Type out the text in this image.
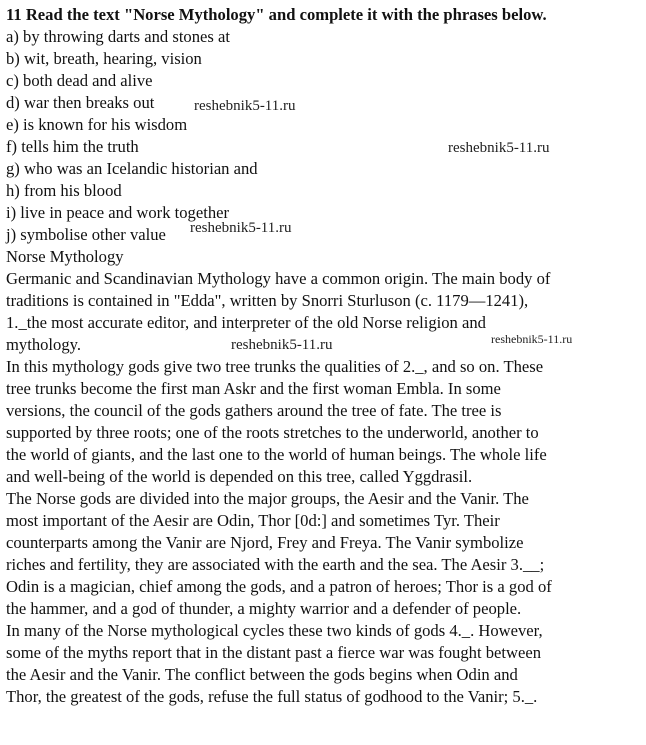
11 Read the text "Norse Mythology" and complete it with the phrases below.
a) by throwing darts and stones at
b) wit, breath, hearing, vision
c) both dead and alive
d) war then breaks out
e) is known for his wisdom
f) tells him the truth
g) who was an Icelandic historian and
h) from his blood
i) live in peace and work together
j) symbolise other value
Norse Mythology
Germanic and Scandinavian Mythology have a common origin. The main body of
traditions is contained in "Edda", written by Snorri Sturluson (c. 1179—1241),
1._the most accurate editor, and interpreter of the old Norse religion and
mythology.
In this mythology gods give two tree trunks the qualities of 2._, and so on. These
tree trunks become the first man Askr and the first woman Embla. In some
versions, the council of the gods gathers around the tree of fate. The tree is
supported by three roots; one of the roots stretches to the underworld, another to
the world of giants, and the last one to the world of human beings. The whole life
and well-being of the world is depended on this tree, called Yggdrasil.
The Norse gods are divided into the major groups, the Aesir and the Vanir. The
most important of the Aesir are Odin, Thor [0d:] and sometimes Tyr. Their
counterparts among the Vanir are Njord, Frey and Freya. The Vanir symbolize
riches and fertility, they are associated with the earth and the sea. The Aesir 3.__;
Odin is a magician, chief among the gods, and a patron of heroes; Thor is a god of
the hammer, and a god of thunder, a mighty warrior and a defender of people.
In many of the Norse mythological cycles these two kinds of gods 4._. However,
some of the myths report that in the distant past a fierce war was fought between
the Aesir and the Vanir. The conflict between the gods begins when Odin and
Thor, the greatest of the gods, refuse the full status of godhood to the Vanir; 5._.
reshebnik5-11.ru
reshebnik5-11.ru
reshebnik5-11.ru
reshebnik5-11.ru
reshebnik5-11.ru
